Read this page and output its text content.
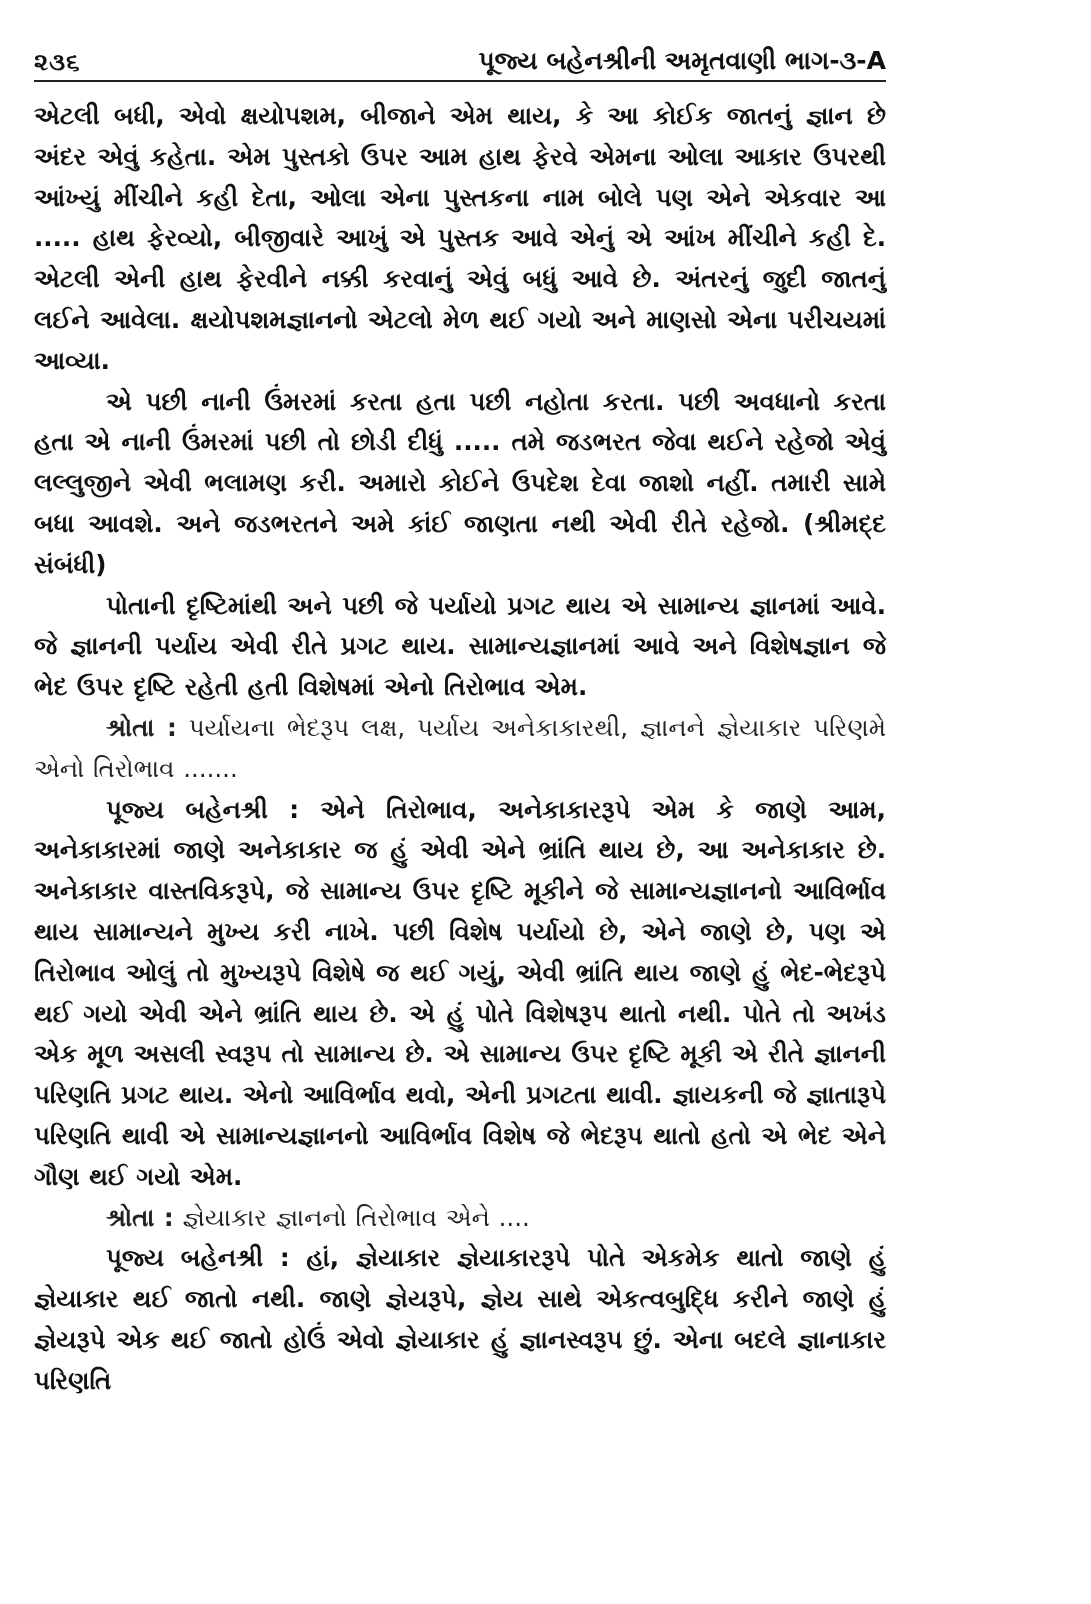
૨૩૬	પૂજ્ય બહેનશ્રીની અમૃતવાણી ભાગ-૩-A

એટલી બધી, એવો ક્ષયોપશમ, બીજાને એમ થાય, કે આ કોઈક જાતનું જ્ઞાન છે અંદર એવું કહેતા. એમ પુસ્તકો ઉપર આમ હાથ ફેરવે એમના ઓલા આકાર ઉપરથી આંખ્યું મીંચીને કહી દેતા, ઓલા એના પુસ્તકના નામ બોલે પણ એને એકવાર આ ..... હાથ ફેરવ્યો, બીજીવારે આખું એ પુસ્તક આવે એનું એ આંખ મીંચીને કહી દે. એટલી એની હાથ ફેરવીને નક્કી કરવાનું એવું બધું આવે છે. અંતરનું જુદી જાતનું લઈને આવેલા. ક્ષયોપશમજ્ઞાનનો એટલો મેળ થઈ ગયો અને માણસો એના પરીચયમાં આવ્યા.

એ પછી નાની ઉંમરમાં કરતા હતા પછી નહોતા કરતા. પછી અવધાનો કરતા હતા એ નાની ઉંમરમાં પછી તો છોડી દીધું ..... તમે જડભરત જેવા થઈને રહેજો એવું લલ્લુજીને એવી ભલામણ કરી. અમારો કોઈને ઉપદેશ દેવા જાશો નહીં. તમારી સામે બધા આવશે. અને જડભરતને અમે કાંઈ જાણતા નથી એવી રીતે રહેજો. (શ્રીમદ્દ સંબંધી)

પોતાની દૃષ્ટિમાંથી અને પછી જે પર્યાયો પ્રગટ થાય એ સામાન્ય જ્ઞાનમાં આવે. જે જ્ઞાનની પર્યાય એવી રીતે પ્રગટ થાય. સામાન્યજ્ઞાનમાં આવે અને વિશેષજ્ઞાન જે ભેદ ઉપર દૃષ્ટિ રહેતી હતી વિશેષમાં એનો તિરોભાવ એમ.

શ્રોતા : પર્યાયના ભેદરૂપ લક્ષ, પર્યાય અનેકાકારથી, જ્ઞાનને જ્ઞેયાકાર પરિણમે એનો તિરોભાવ .......

પૂજ્ય બહેનશ્રી : એને તિરોભાવ, અનેકાકારરૂપે એમ કે જાણે આમ, અનેકાકારમાં જાણે અનેકાકાર જ હું એવી એને ભ્રાંતિ થાય છે, આ અનેકાકાર છે. અનેકાકાર વાસ્તવિકરૂપે, જે સામાન્ય ઉપર દૃષ્ટિ મૂકીને જે સામાન્યજ્ઞાનનો આવિર્ભાવ થાય સામાન્યને મુખ્ય કરી નાખે. પછી વિશેષ પર્યાયો છે, એને જાણે છે, પણ એ તિરોભાવ ઓલું તો મુખ્યરૂપે વિશેષે જ થઈ ગયું, એવી ભ્રાંતિ થાય જાણે હું ભેદ-ભેદરૂપે થઈ ગયો એવી એને ભ્રાંતિ થાય છે. એ હું પોતે વિશેષરૂપ થાતો નથી. પોતે તો અખંડ એક મૂળ અસલી સ્વરૂપ તો સામાન્ય છે. એ સામાન્ય ઉપર દૃષ્ટિ મૂકી એ રીતે જ્ઞાનની પરિણતિ પ્રગટ થાય. એનો આવિર્ભાવ થવો, એની પ્રગટતા થાવી. જ્ઞાયકની જે જ્ઞાતારૂપે પરિણતિ થાવી એ સામાન્યજ્ઞાનનો આવિર્ભાવ વિશેષ જે ભેદરૂપ થાતો હતો એ ભેદ એને ગૌણ થઈ ગયો એમ.

શ્રોતા : જ્ઞેયાકાર જ્ઞાનનો તિરોભાવ એને ....

પૂજ્ય બહેનશ્રી : હાં, જ્ઞેયાકાર જ્ઞેયાકારરૂપે પોતે એકમેક થાતો જાણે હું જ્ઞેયાકાર થઈ જાતો નથી. જાણે જ્ઞેયરૂપે, જ્ઞેય સાથે એકત્વબુદ્ધિ કરીને જાણે હું જ્ઞેયરૂપે એક થઈ જાતો હોઉં એવો જ્ઞેયાકાર હું જ્ઞાનસ્વરૂપ છું. એના બદલે જ્ઞાનાકાર પરિણતિ
